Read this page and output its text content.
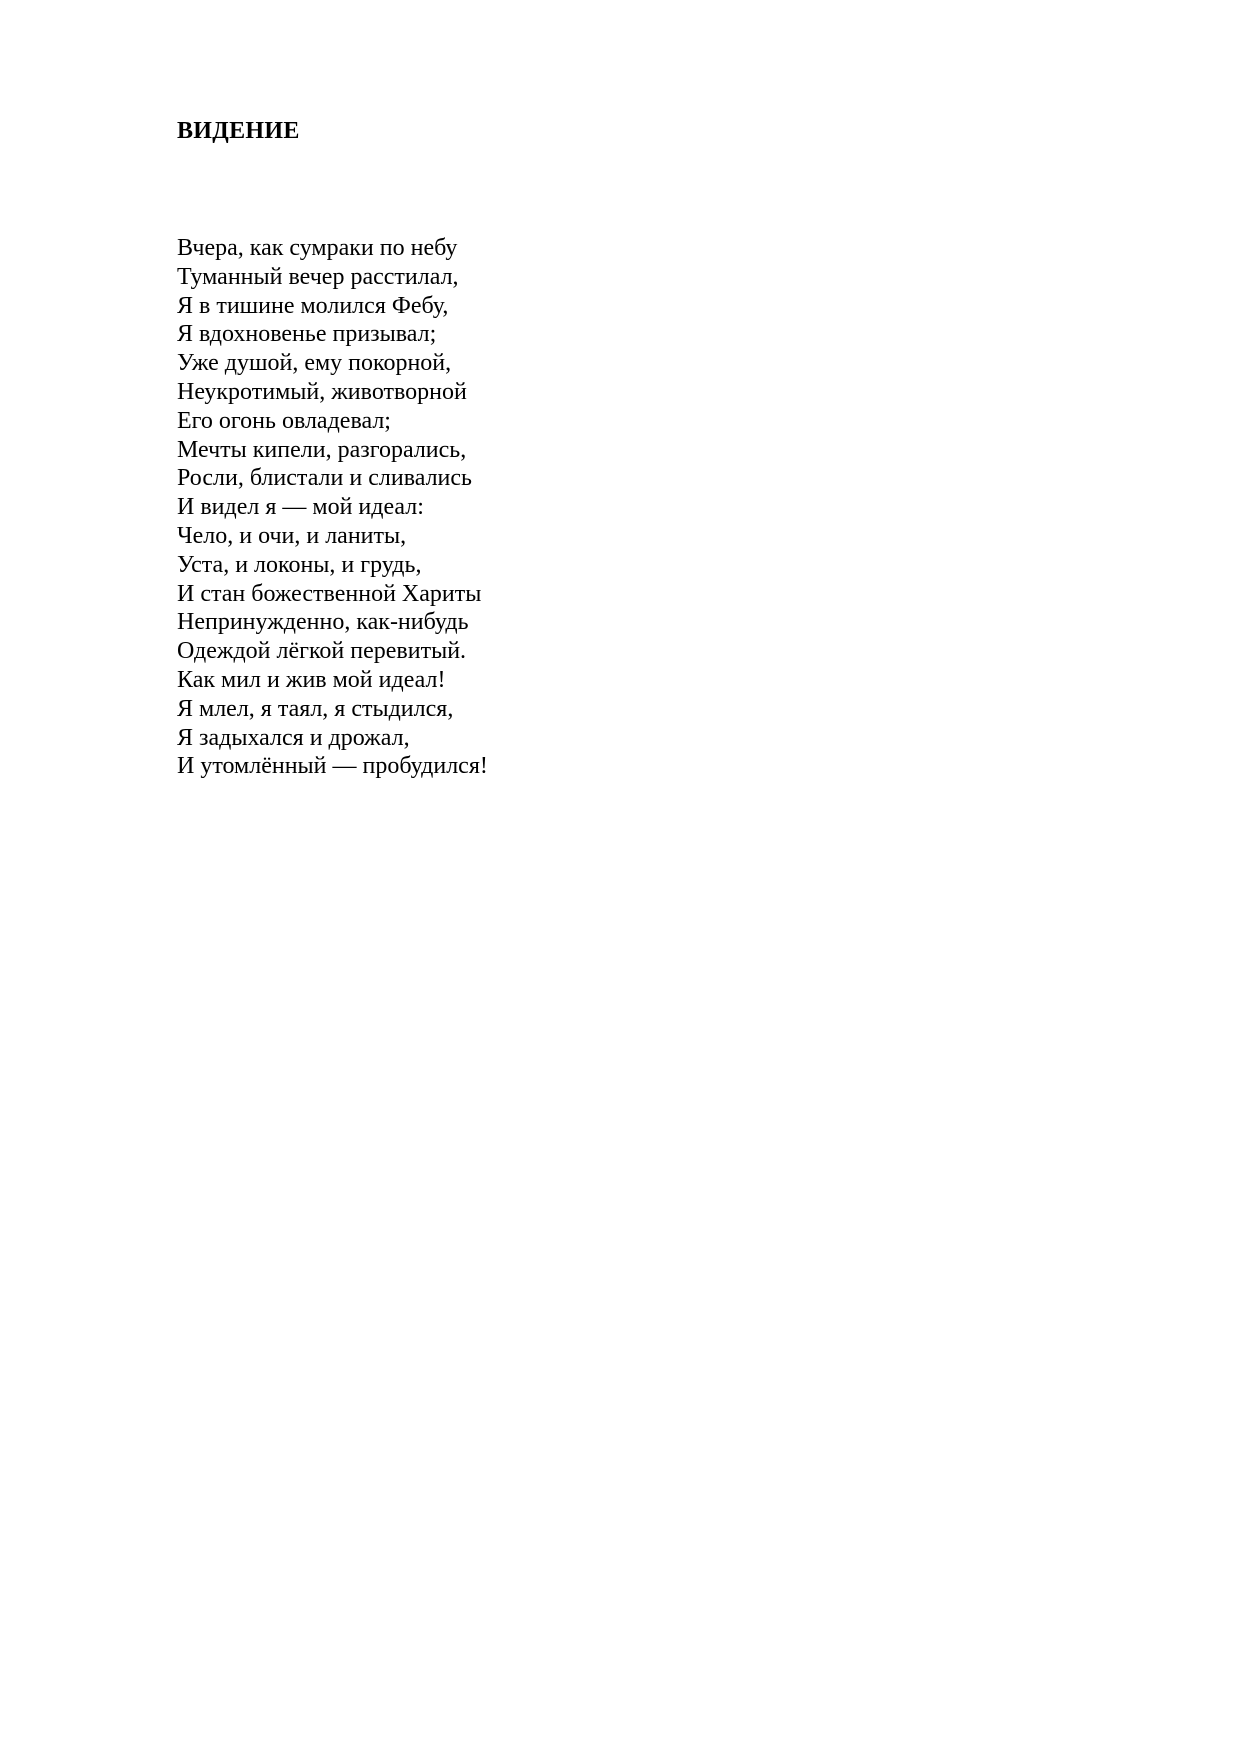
ВИДЕНИЕ
Вчера, как сумраки по небу
Туманный вечер расстилал,
Я в тишине молился Фебу,
Я вдохновенье призывал;
Уже душой, ему покорной,
Неукротимый, животворной
Его огонь овладевал;
Мечты кипели, разгорались,
Росли, блистали и сливались
И видел я — мой идеал:
Чело, и очи, и ланиты,
Уста, и локоны, и грудь,
И стан божественной Хариты
Непринужденно, как-нибудь
Одеждой лёгкой перевитый.
Как мил и жив мой идеал!
Я млел, я таял, я стыдился,
Я задыхался и дрожал,
И утомлённый — пробудился!
